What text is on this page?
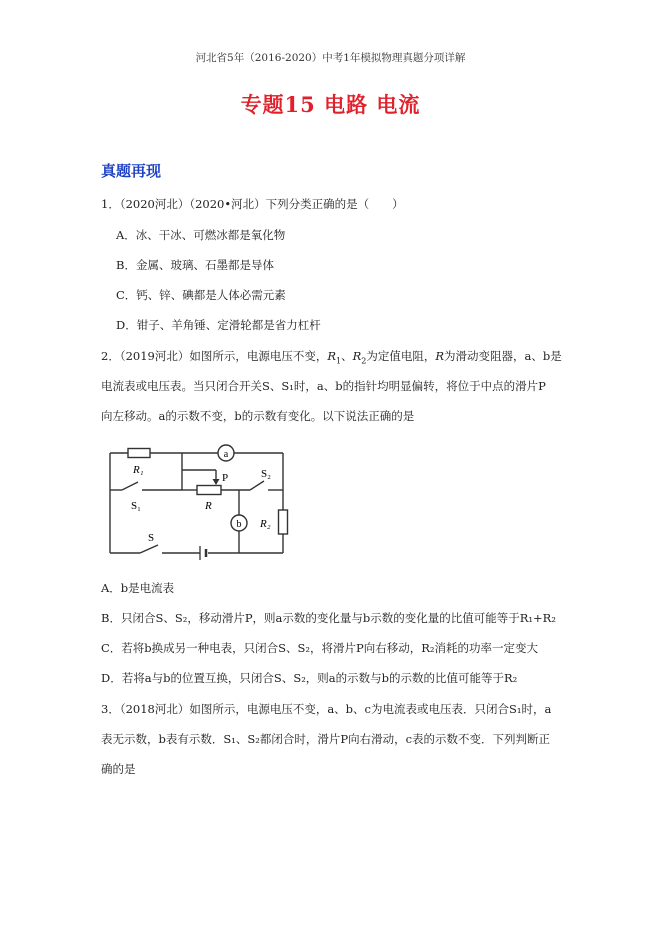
河北省5年（2016-2020）中考1年模拟物理真题分项详解
专题15 电路 电流
真题再现
1．（2020河北）（2020•河北）下列分类正确的是（　　）
A．冰、干冰、可燃冰都是氧化物
B．金属、玻璃、石墨都是导体
C．钙、锌、碘都是人体必需元素
D．钳子、羊角锤、定滑轮都是省力杠杆
2．（2019河北）如图所示，电源电压不变，$R_1$、$R_2$为定值电阻，R为滑动变阻器，a、b是
电流表或电压表。当只闭合开关S、S₁时，a、b的指针均明显偏转，将位于中点的滑片P
向左移动。a的示数不变，b的示数有变化。以下说法正确的是
R₁
S₁
a
P
R
S₂
b R₂
S
A．b是电流表
B．只闭合S、S₂，移动滑片P，则a示数的变化量与b示数的变化量的比值可能等于R₁+R₂
C．若将b换成另一种电表，只闭合S、S₂，将滑片P向右移动，R₂消耗的功率一定变大
D．若将a与b的位置互换，只闭合S、S₂，则a的示数与b的示数的比值可能等于R₂
3．（2018河北）如图所示，电源电压不变，a、b、c为电流表或电压表．只闭合S₁时，a
表无示数，b表有示数．S₁、S₂都闭合时，滑片P向右滑动，c表的示数不变．下列判断正
确的是
